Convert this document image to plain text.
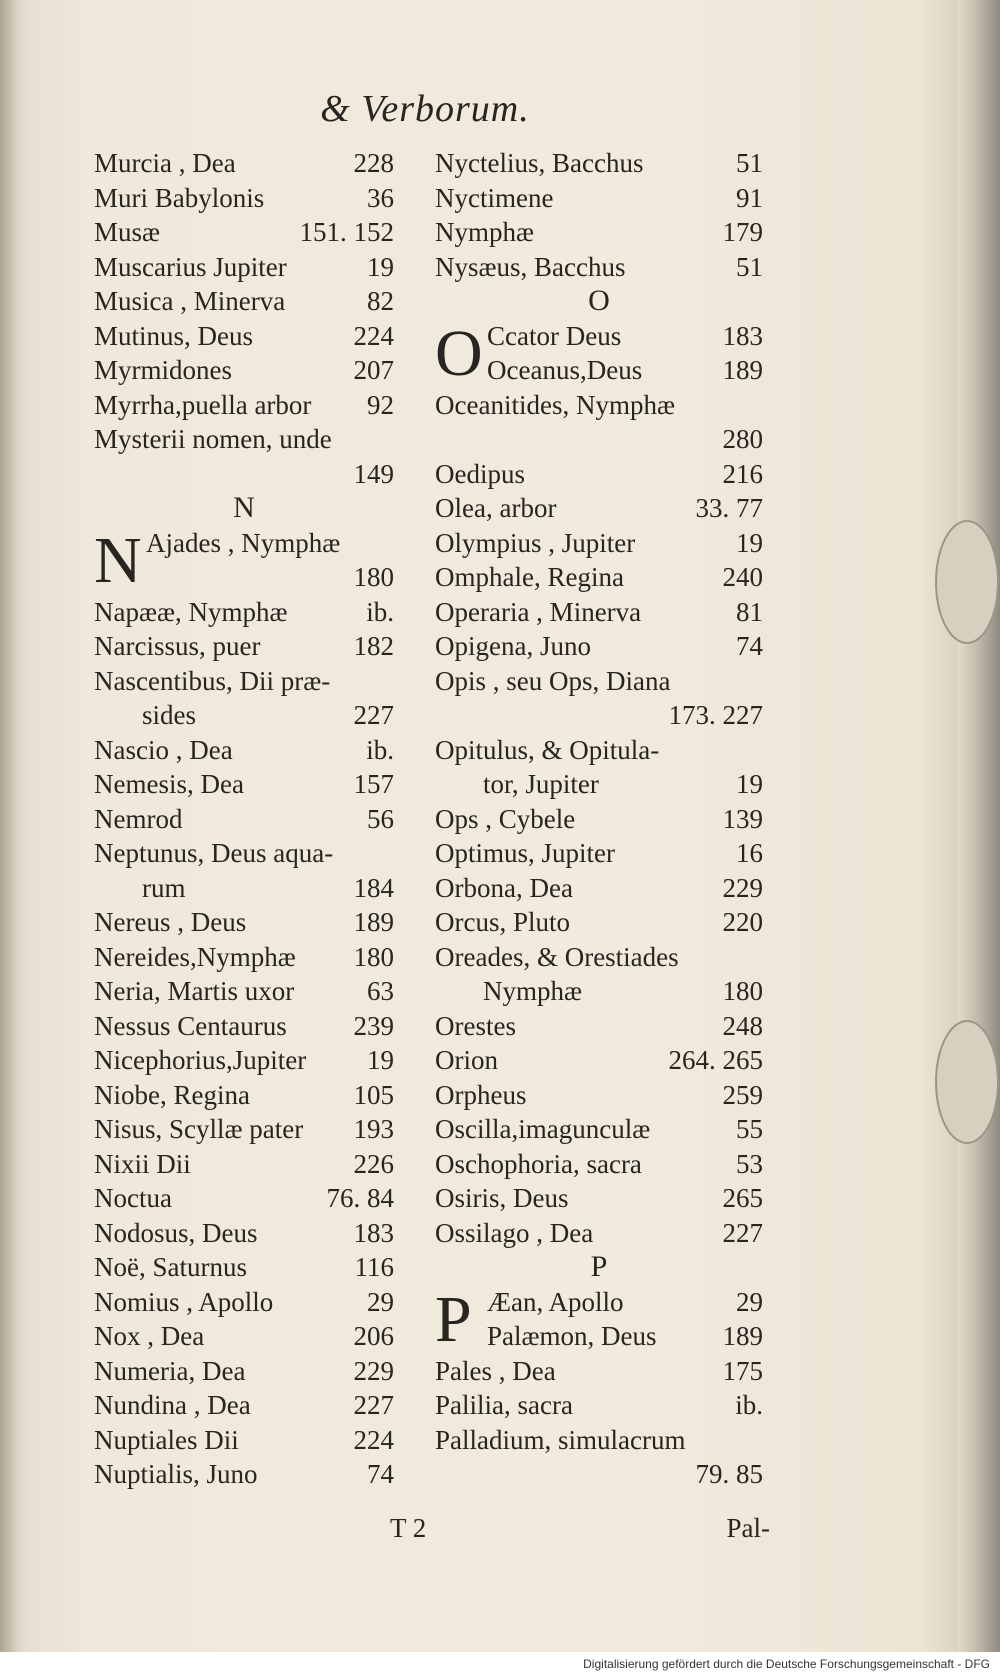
& Verborum.
Murcia , Dea	228
Muri Babylonis	36
Musæ	151. 152
Muscarius Jupiter	19
Musica , Minerva	82
Mutinus, Deus	224
Myrmidones	207
Myrrha,puella arbor 92
Mysterii nomen, unde
149
N
N Ajades , Nymphæ
180
Napææ, Nymphæ	ib.
Narcissus, puer	182
Nascentibus, Dii præ-
sides	227
Nascio , Dea	ib.
Nemesis, Dea	157
Nemrod	56
Neptunus, Deus aqua-
rum	184
Nereus , Deus	189
Nereides,Nymphæ 180
Neria, Martis uxor	63
Nessus Centaurus 239
Nicephorius,Jupiter 19
Niobe, Regina	105
Nisus, Scyllæ pater 193
Nixii Dii	226
Noctua	76. 84
Nodosus, Deus	183
Noë, Saturnus	116
Nomius , Apollo	29
Nox , Dea	206
Numeria, Dea	229
Nundina , Dea	227
Nuptiales Dii	224
Nuptialis, Juno	74
Nyctelius, Bacchus	51
Nyctimene	91
Nymphæ	179
Nysæus, Bacchus	51
O
O Ccator Deus	183
Oceanus,Deus	189
Oceanitides, Nymphæ
280
Oedipus	216
Olea, arbor	33. 77
Olympius , Jupiter	19
Omphale, Regina	240
Operaria , Minerva	81
Opigena, Juno	74
Opis , seu Ops, Diana
173. 227
Opitulus, & Opitula-
tor, Jupiter	19
Ops , Cybele	139
Optimus, Jupiter	16
Orbona, Dea	229
Orcus, Pluto	220
Oreades, & Orestiades
Nymphæ	180
Orestes	248
Orion	264. 265
Orpheus	259
Oscilla,imagunculæ	55
Oschophoria, sacra	53
Osiris, Deus	265
Ossilago , Dea	227
P
P Æan, Apollo	29
Palæmon, Deus 189
Pales , Dea	175
Palilia, sacra	ib.
Palladium, simulacrum
79. 85
T 2	Pal-
Digitalisierung gefördert durch die Deutsche Forschungsgemeinschaft - DFG
